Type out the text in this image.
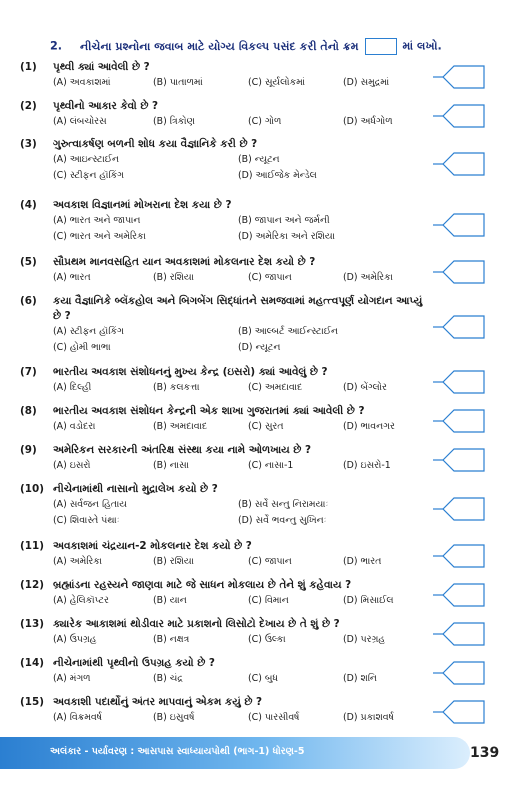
2. નીચેના પ્રશ્નોના જવાબ માટે યોગ્ય વિકલ્પ પસંદ કરી તેનો ક્રમ	માં લખો.
(1)	પૃથ્વી ક્યાં આવેલી છે ?
(A) અવકાશમાં	(B) પાતાળમાં	(C) સૂર્યલોકમાં	(D) સમુદ્રમાં
(2)	પૃથ્વીનો આકાર કેવો છે ?
(A) લંબચોરસ	(B) ત્રિકોણ	(C) ગોળ	(D) અર્ધગોળ
(3)	ગુરુત્વાકર્ષણ બળની શોધ કયા વૈજ્ઞાનિકે કરી છે ?
(A) આઇન્સ્ટાઈન	(B) ન્યૂટન
(C) સ્ટીફન હૉકિંગ	(D) આઈજેક મેન્ડેલ
(4)	અવકાશ વિજ્ઞાનમાં મોખરાના દેશ કયા છે ?
(A) ભારત અને જાપાન	(B) જાપાન અને જર્મની
(C) ભારત અને અમેરિકા	(D) અમેરિકા અને રશિયા
(5)	સૌપ્રથમ માનવસહિત યાન અવકાશમાં મોકલનાર દેશ કયો છે ?
(A) ભારત	(B) રશિયા	(C) જાપાન	(D) અમેરિકા
(6)	કયા વૈજ્ઞાનિકે બ્લૅકહોલ અને બિગબેંગ સિદ્ધાંતને સમજવામાં મહત્ત્વપૂર્ણ યોગદાન આપ્યું છે ?
(A) સ્ટીફન હૉકિંગ	(B) આલ્બર્ટ આઈન્સ્ટાઈન
(C) હોમી ભાભા	(D) ન્યૂટન
(7)	ભારતીય અવકાશ સંશોધનનું મુખ્ય કેન્દ્ર (ઇસરો) ક્યાં આવેલું છે ?
(A) દિલ્હી	(B) કલકત્તા	(C) અમદાવાદ	(D) બેંગ્લોર
(8)	ભારતીય અવકાશ સંશોધન કેન્દ્રની એક શાખા ગુજરાતમાં ક્યાં આવેલી છે ?
(A) વડોદરા	(B) અમદાવાદ	(C) સુરત	(D) ભાવનગર
(9)	અમેરિકન સરકારની અંતરિક્ષ સંસ્થા કયા નામે ઓળખાય છે ?
(A) ઇસરો	(B) નાસા	(C) નાસા-1	(D) ઇસરો-1
(10) નીચેનામાંથી નાસાનો મુદ્રાલેખ કયો છે ?
(A) સર્વજન હિતાય	(B) સર્વે સન્તુ નિરામયાઃ
(C) શિવાસ્તે પંથાઃ	(D) સર્વે ભવન્તુ સુખિનઃ
(11) અવકાશમાં ચંદ્રયાન-2 મોકલનાર દેશ કયો છે ?
(A) અમેરિકા	(B) રશિયા	(C) જાપાન	(D) ભારત
(12) બ્રહ્માંડના રહસ્યને જાણવા માટે જે સાધન મોકલાય છે તેને શું કહેવાય ?
(A) હેલિકૉપ્ટર	(B) યાન	(C) વિમાન	(D) મિસાઈલ
(13) ક્યારેક આકાશમાં થોડીવાર માટે પ્રકાશનો લિસોટો દેખાય છે તે શું છે ?
(A) ઉપગ્રહ	(B) નક્ષત્ર	(C) ઉલ્કા	(D) પરગ્રહ
(14) નીચેનામાંથી પૃથ્વીનો ઉપગ્રહ કયો છે ?
(A) મંગળ	(B) ચંદ્ર	(C) બુધ	(D) શનિ
(15) અવકાશી પદાર્થોનું અંતર માપવાનું એકમ કયું છે ?
(A) વિક્રમવર્ષ	(B) ઇસુવર્ષ	(C) પારસીવર્ષ	(D) પ્રકાશવર્ષ
અલંકાર - પર્યાવરણ : આસપાસ સ્વાધ્યાયપોથી (ભાગ-1) ધોરણ-5	139
